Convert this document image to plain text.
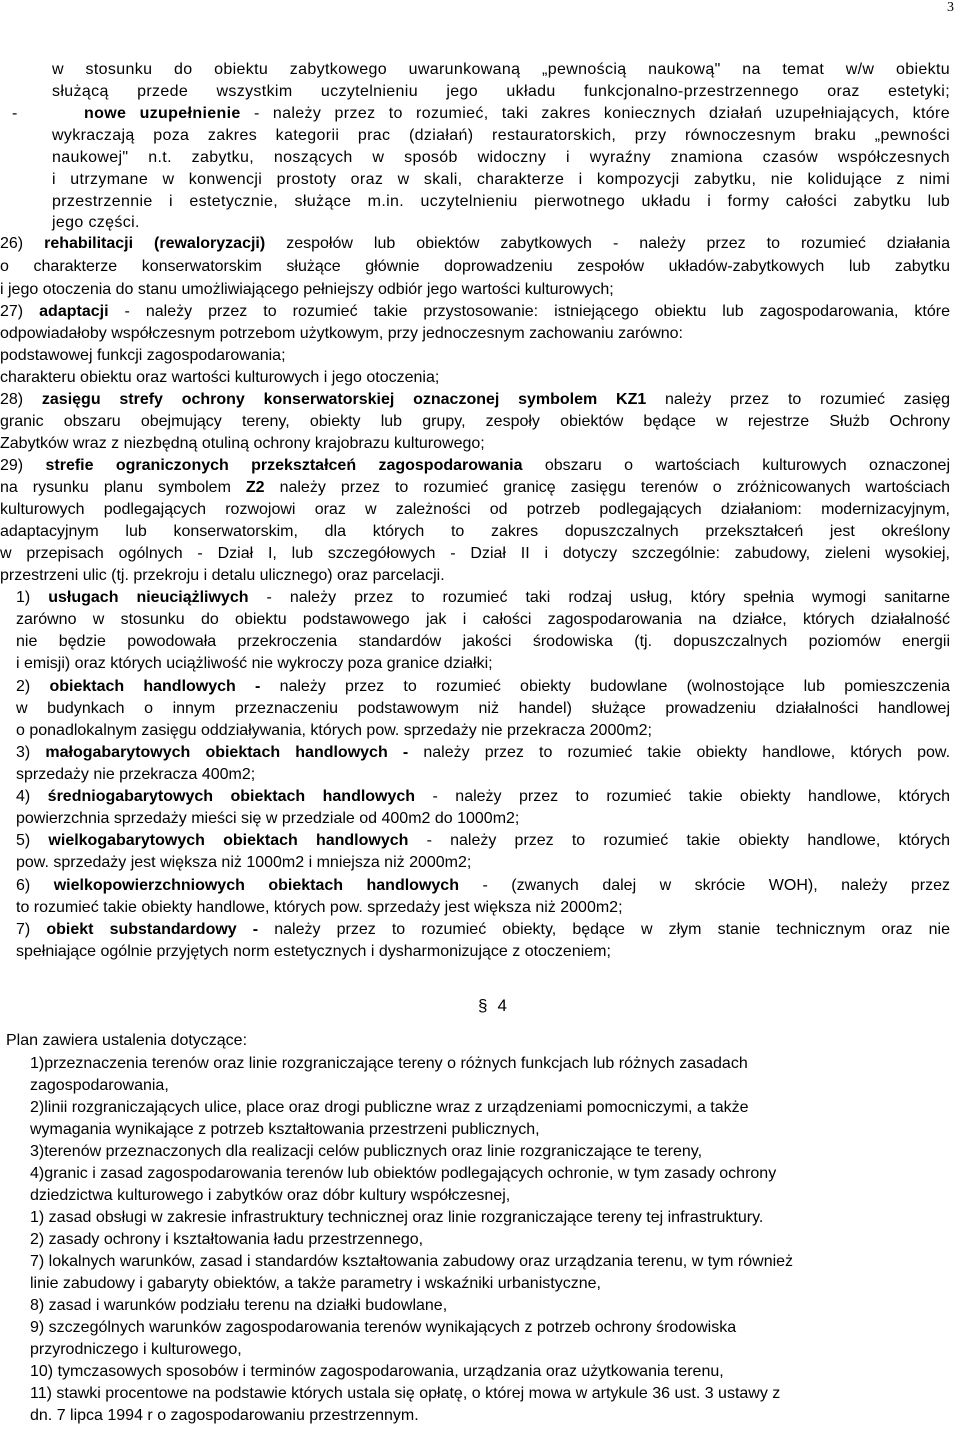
3
w stosunku do obiektu zabytkowego uwarunkowaną „pewnością naukową" na temat w/w obiektu
służącą przede wszystkim uczytelnieniu jego układu funkcjonalno-przestrzennego oraz estetyki;
-	nowe uzupełnienie - należy przez to rozumieć, taki zakres koniecznych działań uzupełniających, które
wykraczają poza zakres kategorii prac (działań) restauratorskich, przy równoczesnym braku „pewności
naukowej" n.t. zabytku, noszących w sposób widoczny i wyraźny znamiona czasów współczesnych
i utrzymane w konwencji prostoty oraz w skali, charakterze i kompozycji zabytku, nie kolidujące z nimi
przestrzennie i estetycznie, służące m.in. uczytelnieniu pierwotnego układu i formy całości zabytku lub
jego części.
26) rehabilitacji (rewaloryzacji) zespołów lub obiektów zabytkowych - należy przez to rozumieć działania
o charakterze konserwatorskim służące głównie doprowadzeniu zespołów układów-zabytkowych lub zabytku
i jego otoczenia do stanu umożliwiającego pełniejszy odbiór jego wartości kulturowych;
27) adaptacji - należy przez to rozumieć takie przystosowanie: istniejącego obiektu lub zagospodarowania, które
odpowiadałoby współczesnym potrzebom użytkowym, przy jednoczesnym zachowaniu zarówno:
podstawowej funkcji zagospodarowania;
charakteru obiektu oraz wartości kulturowych i jego otoczenia;
28) zasięgu strefy ochrony konserwatorskiej oznaczonej symbolem KZ1 należy przez to rozumieć zasięg
granic obszaru obejmujący tereny, obiekty lub grupy, zespoły obiektów będące w rejestrze Służb Ochrony
Zabytków wraz z niezbędną otuliną ochrony krajobrazu kulturowego;
29) strefie ograniczonych przekształceń zagospodarowania obszaru o wartościach kulturowych oznaczonej
na rysunku planu symbolem Z2 należy przez to rozumieć granicę zasięgu terenów o zróżnicowanych wartościach
kulturowych podlegających rozwojowi oraz w zależności od potrzeb podlegających działaniom: modernizacyjnym,
adaptacyjnym lub konserwatorskim, dla których to zakres dopuszczalnych przekształceń jest określony
w przepisach ogólnych - Dział I, lub szczegółowych - Dział II i dotyczy szczególnie: zabudowy, zieleni wysokiej,
przestrzeni ulic (tj. przekroju i detalu ulicznego) oraz parcelacji.
1) usługach nieuciążliwych - należy przez to rozumieć taki rodzaj usług, który spełnia wymogi sanitarne
zarówno w stosunku do obiektu podstawowego jak i całości zagospodarowania na działce, których działalność
nie będzie powodowała przekroczenia standardów jakości środowiska (tj. dopuszczalnych poziomów energii
i emisji) oraz których uciążliwość nie wykroczy poza granice działki;
2) obiektach handlowych - należy przez to rozumieć obiekty budowlane (wolnostojące lub pomieszczenia
w budynkach o innym przeznaczeniu podstawowym niż handel) służące prowadzeniu działalności handlowej
o ponadlokalnym zasięgu oddziaływania, których pow. sprzedaży nie przekracza 2000m2;
3) małogabarytowych obiektach handlowych - należy przez to rozumieć takie obiekty handlowe, których pow.
sprzedaży nie przekracza 400m2;
4) średniogabarytowych obiektach handlowych - należy przez to rozumieć takie obiekty handlowe, których
powierzchnia sprzedaży mieści się w przedziale od 400m2 do 1000m2;
5) wielkogabarytowych obiektach handlowych - należy przez to rozumieć takie obiekty handlowe, których
pow. sprzedaży jest większa niż 1000m2 i mniejsza niż 2000m2;
6) wielkopowierzchniowych obiektach handlowych - (zwanych dalej w skrócie WOH), należy przez
to rozumieć takie obiekty handlowe, których pow. sprzedaży jest większa niż 2000m2;
7) obiekt substandardowy - należy przez to rozumieć obiekty, będące w złym stanie technicznym oraz nie
spełniające ogólnie przyjętych norm estetycznych i dysharmonizujące z otoczeniem;
§ 4
Plan zawiera ustalenia dotyczące:
1)przeznaczenia terenów oraz linie rozgraniczające tereny o różnych funkcjach lub różnych zasadach
zagospodarowania,
2)linii rozgraniczających ulice, place oraz drogi publiczne wraz z urządzeniami pomocniczymi, a także
wymagania wynikające z potrzeb kształtowania przestrzeni publicznych,
3)terenów przeznaczonych dla realizacji celów publicznych oraz linie rozgraniczające te tereny,
4)granic i zasad zagospodarowania terenów lub obiektów podlegających ochronie, w tym zasady ochrony
dziedzictwa kulturowego i zabytków oraz dóbr kultury współczesnej,
1) zasad obsługi w zakresie infrastruktury technicznej oraz linie rozgraniczające tereny tej infrastruktury.
2) zasady ochrony i kształtowania ładu przestrzennego,
7) lokalnych warunków, zasad i standardów kształtowania zabudowy oraz urządzania terenu, w tym również
linie zabudowy i gabaryty obiektów, a także parametry i wskaźniki urbanistyczne,
8) zasad i warunków podziału terenu na działki budowlane,
9) szczególnych warunków zagospodarowania terenów wynikających z potrzeb ochrony środowiska
przyrodniczego i kulturowego,
10) tymczasowych sposobów i terminów zagospodarowania, urządzania oraz użytkowania terenu,
11) stawki procentowe na podstawie których ustala się opłatę, o której mowa w artykule 36 ust. 3 ustawy z
dn. 7 lipca 1994 r o zagospodarowaniu przestrzennym.
